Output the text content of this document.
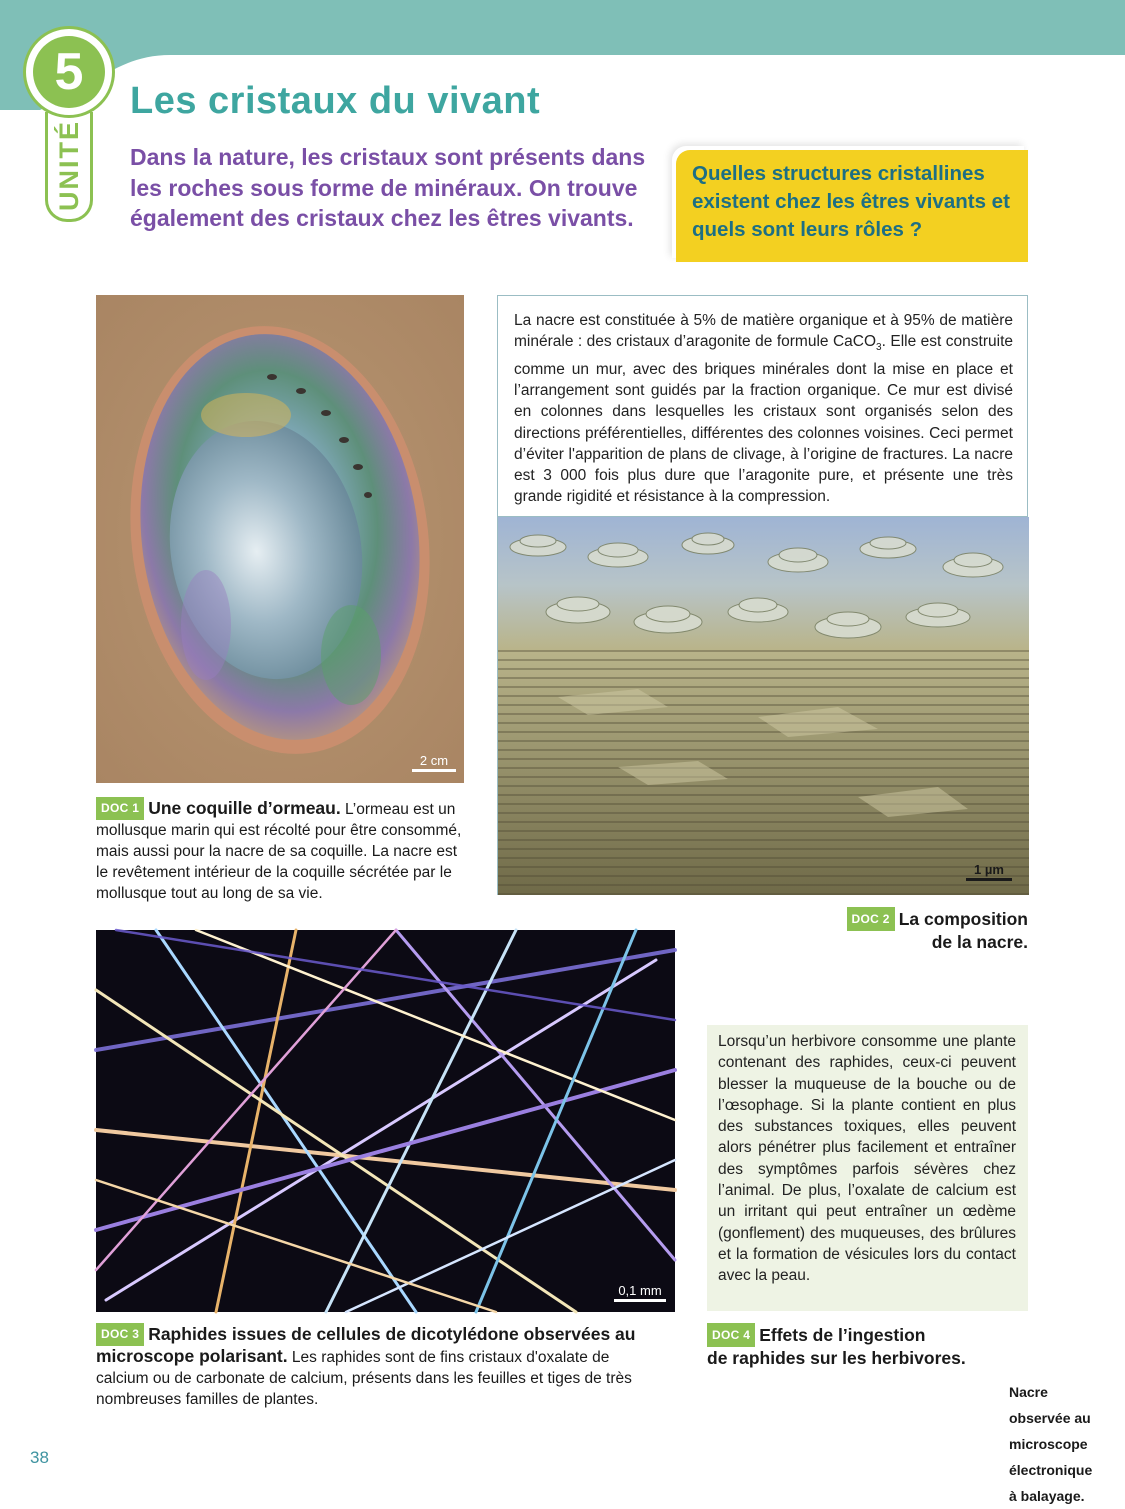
UNITÉ
5	Les cristaux du vivant
Dans la nature, les cristaux sont présents dans les roches sous forme de minéraux. On trouve également des cristaux chez les êtres vivants.

Quelles structures cristallines existent chez les êtres vivants et quels sont leurs rôles ?

2 cm
DOC 1 Une coquille d’ormeau. L’ormeau est un mollusque marin qui est récolté pour être consommé, mais aussi pour la nacre de sa coquille. La nacre est le revêtement intérieur de la coquille sécrétée par le mollusque tout au long de sa vie.
La nacre est constituée à 5% de matière organique et à 95% de matière minérale : des cristaux d’aragonite de formule CaCO$_3$. Elle est construite comme un mur, avec des briques minérales dont la mise en place et l’arrangement sont guidés par la fraction organique. Ce mur est divisé en colonnes dans lesquelles les cristaux sont organisés selon des directions préférentielles, différentes des colonnes voisines. Ceci permet d’éviter l'apparition de plans de clivage, à l’origine de fractures. La nacre est 3 000 fois plus dure que l’aragonite pure, et présente une très grande rigidité et résistance à la compression.
Nacre observée au microscope électronique à balayage.
1 µm
DOC 2 La composition
de la nacre.
0,1 mm
DOC 3 Raphides issues de cellules de dicotylédone observées au microscope polarisant. Les raphides sont de fins cristaux d'oxalate de calcium ou de carbonate de calcium, présents dans les feuilles et tiges de très nombreuses familles de plantes.
Lorsqu’un herbivore consomme une plante contenant des raphides, ceux-ci peuvent blesser la muqueuse de la bouche ou de l’œsophage. Si la plante contient en plus des substances toxiques, elles peuvent alors pénétrer plus facilement et entraîner des symptômes parfois sévères chez l’animal. De plus, l’oxalate de calcium est un irritant qui peut entraîner un œdème (gonflement) des muqueuses, des brûlures et la formation de vésicules lors du contact avec la peau.
DOC 4 Effets de l’ingestion
de raphides sur les herbivores.
38
